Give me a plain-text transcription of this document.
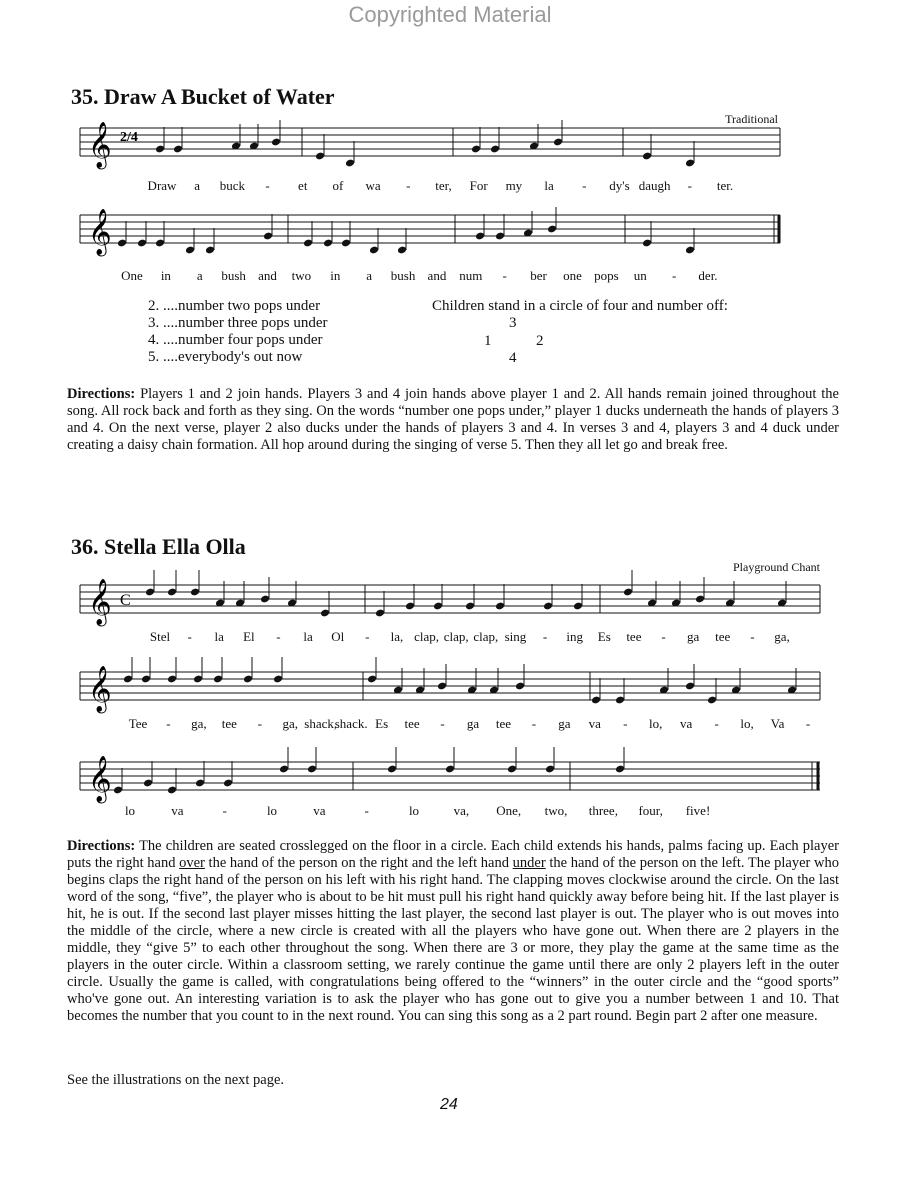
Copyrighted Material
35. Draw A Bucket of Water
Traditional
𝄞 2/4
Draw a buck - et of wa - ter, For my la - dy's daugh - ter.
𝄞
One in a bush and two in a bush and num - ber one pops un - der.
2. ....number two pops under
3. ....number three pops under
4. ....number four pops under
5. ....everybody's out now
Children stand in a circle of four and number off:
3
1	2
4
Directions: Players 1 and 2 join hands. Players 3 and 4 join hands above player 1 and 2. All hands remain joined throughout the song. All rock back and forth as they sing. On the words “number one pops under,” player 1 ducks underneath the hands of players 3 and 4. On the next verse, player 2 also ducks under the hands of players 3 and 4. In verses 3 and 4, players 3 and 4 duck under creating a daisy chain formation. All hop around during the singing of verse 5. Then they all let go and break free.
36. Stella Ella Olla
Playground Chant
𝄞 C
Stel - la El - la Ol - la, clap, clap, clap, sing - ing Es tee - ga tee - ga,
𝄞
Tee - ga, tee - ga, shack,
shack. Es tee - ga tee - ga va - lo, va - lo, Va -
𝄞
lo	va	-	lo	va	-	lo	va, One, two, three, four, five!
Directions: The children are seated crosslegged on the floor in a circle. Each child extends his hands, palms facing up. Each player puts the right hand over the hand of the person on the right and the left hand under the hand of the person on the left. The player who begins claps the right hand of the person on his left with his right hand. The clapping moves clockwise around the circle. On the last word of the song, “five”, the player who is about to be hit must pull his right hand quickly away before being hit. If the last player is hit, he is out. If the second last player misses hitting the last player, the second last player is out. The player who is out moves into the middle of the circle, where a new circle is created with all the players who have gone out. When there are 2 players in the middle, they “give 5” to each other throughout the song. When there are 3 or more, they play the game at the same time as the players in the outer circle. Within a classroom setting, we rarely continue the game until there are only 2 players left in the outer circle. Usually the game is called, with congratulations being offered to the “winners” in the outer circle and the “good sports” who've gone out. An interesting variation is to ask the player who has gone out to give you a number between 1 and 10. That becomes the number that you count to in the next round. You can sing this song as a 2 part round. Begin part 2 after one measure.
See the illustrations on the next page.
24
